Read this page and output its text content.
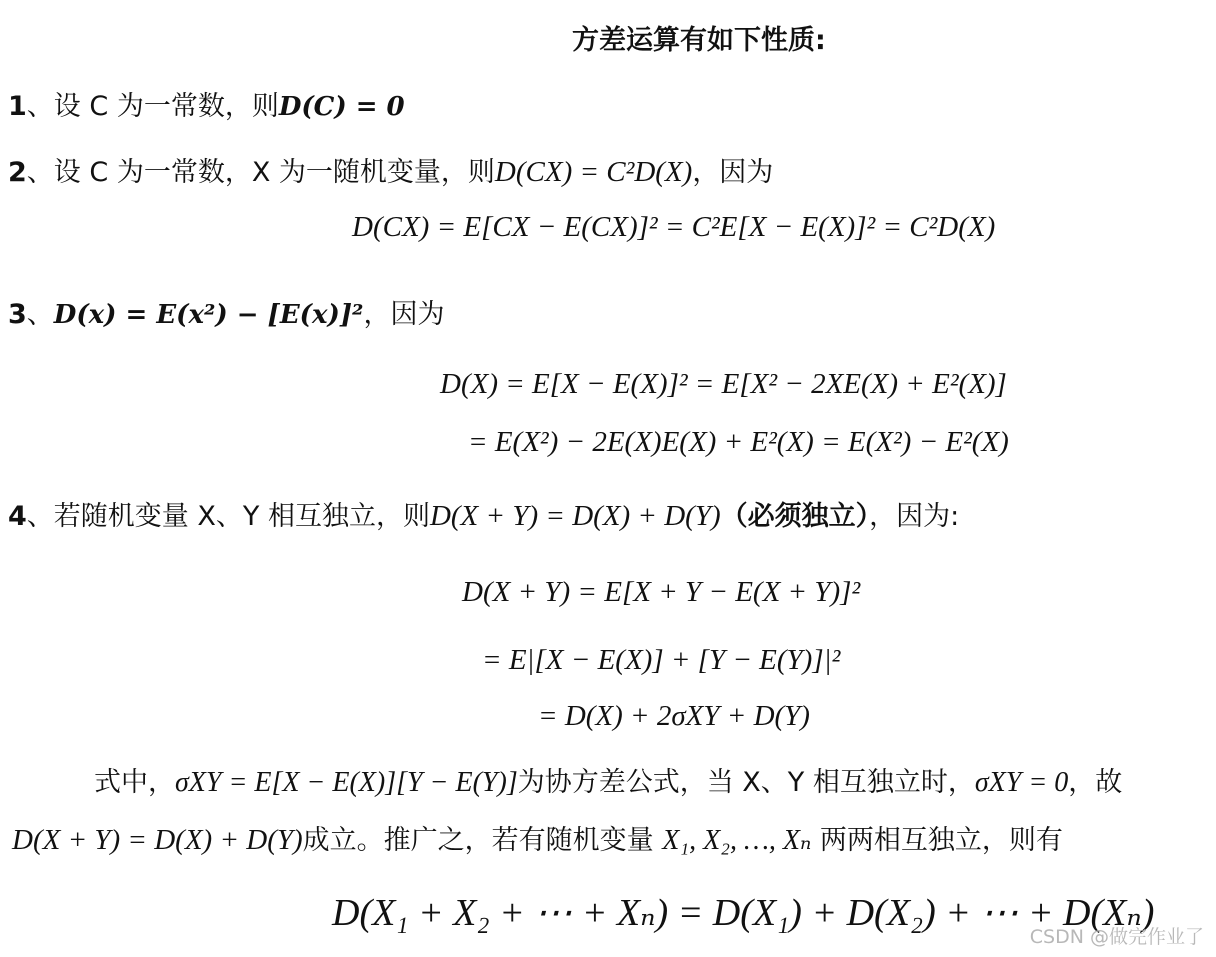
方差运算有如下性质:
1、设 C 为一常数，则D(C) = 0
2、设 C 为一常数，X 为一随机变量，则D(CX) = C²D(X)，因为
D(CX) = E[CX − E(CX)]² = C²E[X − E(X)]² = C²D(X)
3、D(x) = E(x²) − [E(x)]²，因为
D(X) = E[X − E(X)]² = E[X² − 2XE(X) + E²(X)]
= E(X²) − 2E(X)E(X) + E²(X) = E(X²) − E²(X)
4、若随机变量 X、Y 相互独立，则D(X + Y) = D(X) + D(Y)（必须独立），因为:
D(X + Y) = E[X + Y − E(X + Y)]²
= E|[X − E(X)] + [Y − E(Y)]|²
= D(X) + 2σXY + D(Y)
式中，σXY = E[X − E(X)][Y − E(Y)]为协方差公式，当 X、Y 相互独立时，σXY = 0，故
D(X + Y) = D(X) + D(Y)成立。推广之，若有随机变量 X₁, X₂, …, Xₙ 两两相互独立，则有
D(X₁ + X₂ + ⋯ + Xₙ) = D(X₁) + D(X₂) + ⋯ + D(Xₙ)
CSDN @做完作业了
